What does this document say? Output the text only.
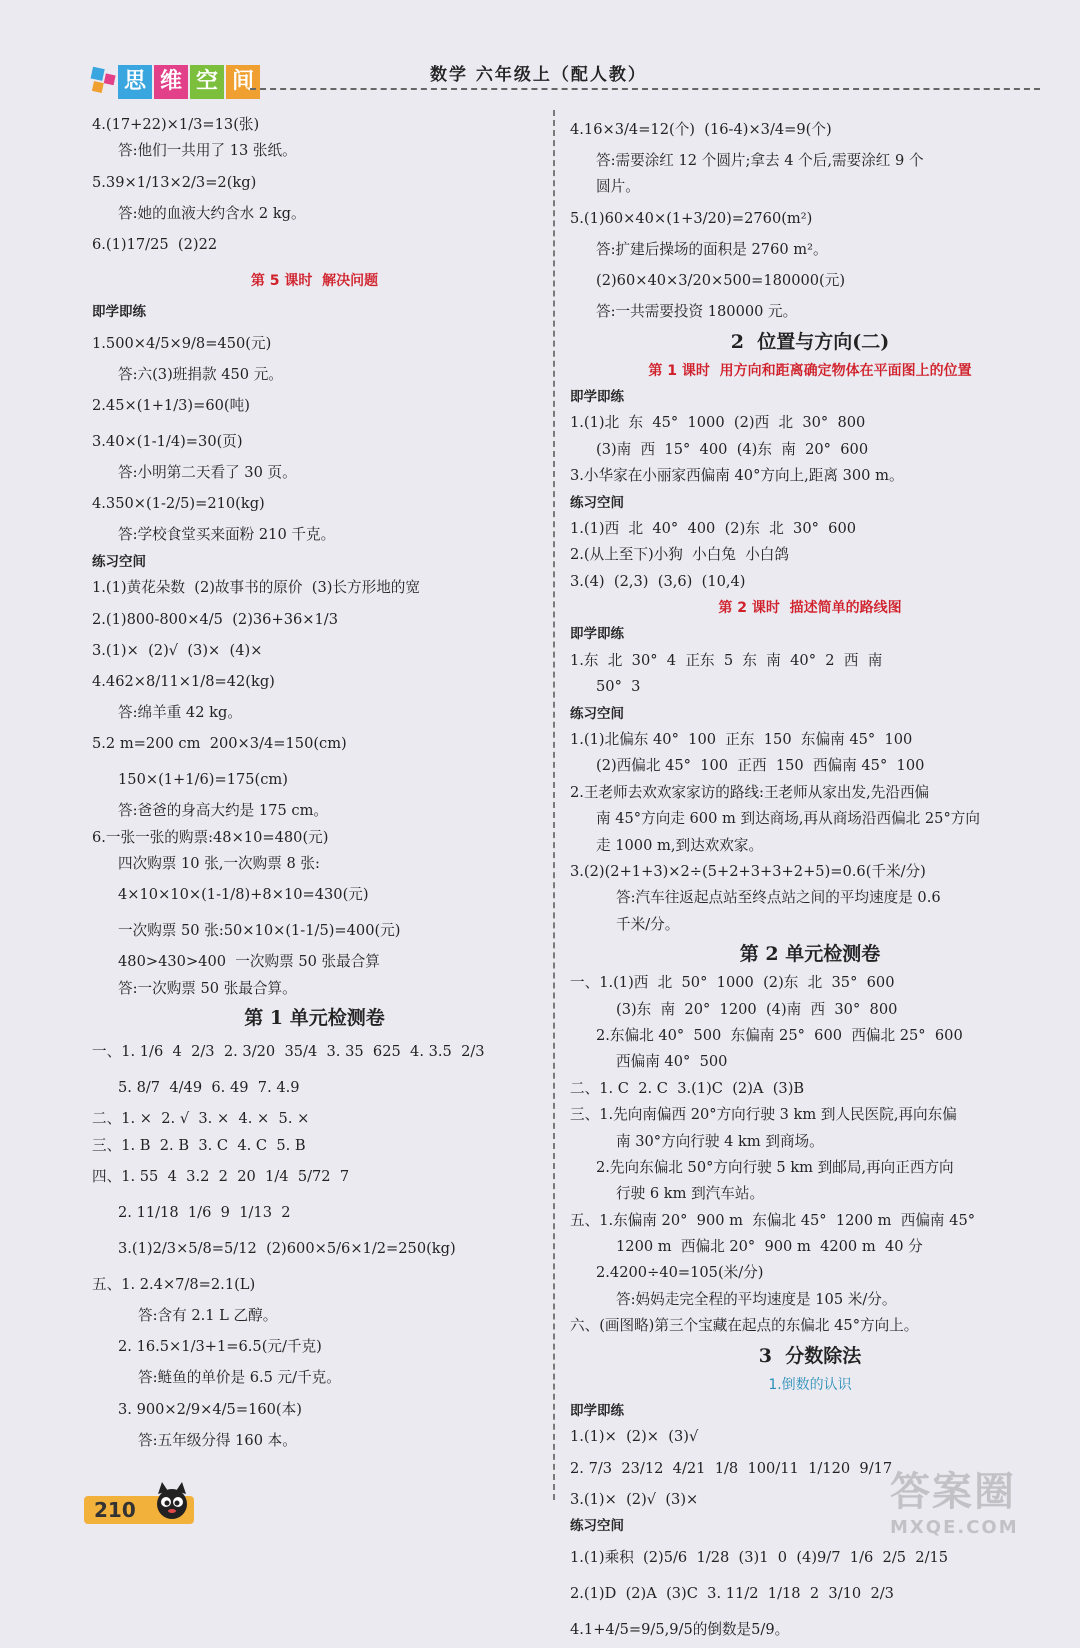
思 维 空 间	数学 六年级上（配人教）
4.(17+22)×1/3=13(张)
答:他们一共用了 13 张纸。
5.39×1/13×2/3=2(kg)
答:她的血液大约含水 2 kg。
6.(1)17/25  (2)22
第 5 课时  解决问题
即学即练
1.500×4/5×9/8=450(元)
答:六(3)班捐款 450 元。
2.45×(1+1/3)=60(吨)
3.40×(1-1/4)=30(页)
答:小明第二天看了 30 页。
4.350×(1-2/5)=210(kg)
答:学校食堂买来面粉 210 千克。
练习空间
1.(1)黄花朵数  (2)故事书的原价  (3)长方形地的宽
2.(1)800-800×4/5  (2)36+36×1/3
3.(1)×  (2)√  (3)×  (4)×
4.462×8/11×1/8=42(kg)
答:绵羊重 42 kg。
5.2 m=200 cm  200×3/4=150(cm)
150×(1+1/6)=175(cm)
答:爸爸的身高大约是 175 cm。
6.一张一张的购票:48×10=480(元)
四次购票 10 张,一次购票 8 张:
4×10×10×(1-1/8)+8×10=430(元)
一次购票 50 张:50×10×(1-1/5)=400(元)
480>430>400  一次购票 50 张最合算
答:一次购票 50 张最合算。
第 1 单元检测卷
一、1. 1/6  4  2/3  2. 3/20  35/4  3. 35  625  4. 3.5  2/3
5. 8/7  4/49  6. 49  7. 4.9
二、1. ×  2. √  3. ×  4. ×  5. ×
三、1. B  2. B  3. C  4. C  5. B
四、1. 55  4  3.2  2  20  1/4  5/72  7
2. 11/18  1/6  9  1/13  2
3.(1)2/3×5/8=5/12  (2)600×5/6×1/2=250(kg)
五、1. 2.4×7/8=2.1(L)
答:含有 2.1 L 乙醇。
2. 16.5×1/3+1=6.5(元/千克)
答:鲢鱼的单价是 6.5 元/千克。
3. 900×2/9×4/5=160(本)
答:五年级分得 160 本。
4.16×3/4=12(个)  (16-4)×3/4=9(个)
答:需要涂红 12 个圆片;拿去 4 个后,需要涂红 9 个
圆片。
5.(1)60×40×(1+3/20)=2760(m²)
答:扩建后操场的面积是 2760 m²。
(2)60×40×3/20×500=180000(元)
答:一共需要投资 180000 元。
2  位置与方向(二)
第 1 课时  用方向和距离确定物体在平面图上的位置
即学即练
1.(1)北  东  45°  1000  (2)西  北  30°  800
(3)南  西  15°  400  (4)东  南  20°  600
3.小华家在小丽家西偏南 40°方向上,距离 300 m。
练习空间
1.(1)西  北  40°  400  (2)东  北  30°  600
2.(从上至下)小狗  小白兔  小白鸽
3.(4)  (2,3)  (3,6)  (10,4)
第 2 课时  描述简单的路线图
即学即练
1.东  北  30°  4  正东  5  东  南  40°  2  西  南
50°  3
练习空间
1.(1)北偏东 40°  100  正东  150  东偏南 45°  100
(2)西偏北 45°  100  正西  150  西偏南 45°  100
2.王老师去欢欢家家访的路线:王老师从家出发,先沿西偏
南 45°方向走 600 m 到达商场,再从商场沿西偏北 25°方向
走 1000 m,到达欢欢家。
3.(2)(2+1+3)×2÷(5+2+3+3+2+5)=0.6(千米/分)
答:汽车往返起点站至终点站之间的平均速度是 0.6
千米/分。
第 2 单元检测卷
一、1.(1)西  北  50°  1000  (2)东  北  35°  600
(3)东  南  20°  1200  (4)南  西  30°  800
2.东偏北 40°  500  东偏南 25°  600  西偏北 25°  600
西偏南 40°  500
二、1. C  2. C  3.(1)C  (2)A  (3)B
三、1.先向南偏西 20°方向行驶 3 km 到人民医院,再向东偏
南 30°方向行驶 4 km 到商场。
2.先向东偏北 50°方向行驶 5 km 到邮局,再向正西方向
行驶 6 km 到汽车站。
五、1.东偏南 20°  900 m  东偏北 45°  1200 m  西偏南 45°
1200 m  西偏北 20°  900 m  4200 m  40 分
2.4200÷40=105(米/分)
答:妈妈走完全程的平均速度是 105 米/分。
六、(画图略)第三个宝藏在起点的东偏北 45°方向上。
3  分数除法
1.倒数的认识
即学即练
1.(1)×  (2)×  (3)√
2. 7/3  23/12  4/21  1/8  100/11  1/120  9/17
3.(1)×  (2)√  (3)×
练习空间
1.(1)乘积  (2)5/6  1/28  (3)1  0  (4)9/7  1/6  2/5  2/15
2.(1)D  (2)A  (3)C  3. 11/2  1/18  2  3/10  2/3
4.1+4/5=9/5,9/5的倒数是5/9。
210	答案圈
MXQE.COM
